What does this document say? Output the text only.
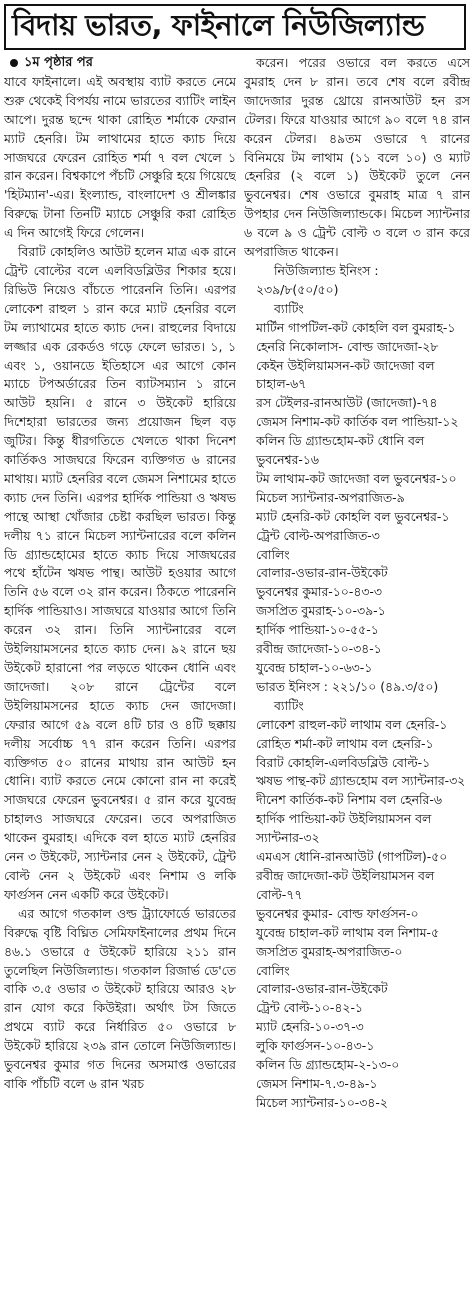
বিদায় ভারত, ফাইনালে নিউজিল্যান্ড
১ম পৃষ্ঠার পর

যাবে ফাইনালে। এই অবস্থায় ব্যাট করতে নেমে শুরু থেকেই বিপর্যয় নামে ভারতের ব্যাটিং লাইন আপে। দুরন্ত ছন্দে থাকা রোহিত শর্মাকে ফেরান ম্যাট হেনরি। টম লাথামের হাতে ক্যাচ দিয়ে সাজঘরে ফেরেন রোহিত শর্মা ৭ বল খেলে ১ রান করেন। বিশ্বকাপে পঁচটি সেঞ্চুরি হয়ে গিয়েছে 'হিটম্যান'-এর। ইংল্যান্ড, বাংলাদেশ ও শ্রীলঙ্কার বিরুদ্ধে টানা তিনটি ম্যাচে সেঞ্চুরি করা রোহিত এ দিন আগেই ফিরে গেলেন।

বিরাট কোহলিও আউট হলেন মাত্র এক রানে ট্রেন্ট বোল্টের বলে এলবিডব্লিউর শিকার হয়ে। রিভিউ নিয়েও বাঁচতে পারেননি তিনি। এরপর লোকেশ রাহুল ১ রান করে ম্যাট হেনরির বলে টম ল্যাথামের হাতে ক্যাচ দেন। রাহুলের বিদায়ে লজ্জার এক রেকর্ডও গড়ে ফেলে ভারত। ১, ১ এবং ১, ওয়ানডে ইতিহাসে এর আগে কোন ম্যাচে টপঅর্ডারের তিন ব্যাটসম্যান ১ রানে আউট হয়নি। ৫ রানে ৩ উইকেট হারিয়ে দিশেহারা ভারতের জন্য প্রয়োজন ছিল বড় জুটির। কিন্তু ধীরগতিতে খেলতে থাকা দিনেশ কার্তিকও সাজঘরে ফিরেন ব্যক্তিগত ৬ রানের মাথায়। ম্যাট হেনরির বলে জেমস নিশামের হাতে ক্যাচ দেন তিনি। এরপর হার্দিক পান্ডিয়া ও ঋষভ পান্থে আস্থা খোঁজার চেষ্টা করছিল ভারত। কিন্তু দলীয় ৭১ রানে মিচেল স্যান্টনারের বলে কলিন ডি গ্র্যান্ডহোমের হাতে ক্যাচ দিয়ে সাজঘরের পথে হাঁটেন ঋষভ পান্থ। আউট হওয়ার আগে তিনি ৫৬ বলে ৩২ রান করেন। ঠিকতে পারেননি হার্দিক পান্ডিয়াও। সাজঘরে যাওয়ার আগে তিনি করেন ৩২ রান। তিনি স্যান্টনারের বলে উইলিয়ামসনের হাতে ক্যাচ দেন। ৯২ রানে ছয় উইকেট হারানো পর লড়তে থাকেন ধোনি এবং জাদেজা। ২০৮ রানে ট্রেন্টের বলে উইলিয়ামসনের হাতে ক্যাচ দেন জাদেজা। ফেরার আগে ৫৯ বলে ৪টি চার ও ৪টি ছক্কায় দলীয় সর্বোচ্চ ৭৭ রান করেন তিনি। এরপর ব্যক্তিগত ৫০ রানের মাথায় রান আউট হন ধোনি। ব্যাট করতে নেমে কোনো রান না করেই সাজঘরে ফেরেন ভুবনেশ্বর। ৫ রান করে যুবেন্দ্র চাহালও সাজঘরে ফেরেন। তবে অপরাজিত থাকেন বুমরাহ। এদিকে বল হাতে ম্যাট হেনরির নেন ৩ উইকেট, স্যান্টনার নেন ২ উইকেট, ট্রেন্ট বোল্ট নেন ২ উইকেট এবং নিশাম ও লকি ফার্গুসন নেন একটি করে উইকেট।

এর আগে গতকাল ওল্ড ট্র্যাফোর্ডে ভারতের বিরুদ্ধে বৃষ্টি বিঘ্নিত সেমিফাইনালের প্রথম দিনে ৪৬.১ ওভারে ৫ উইকেট হারিয়ে ২১১ রান তুলেছিল নিউজিল্যান্ড। গতকাল রিজার্ভ ডে'তে বাকি ৩.৫ ওভার ৩ উইকেট হারিয়ে আরও ২৮ রান যোগ করে কিউইরা। অর্থাৎ টস জিতে প্রথমে ব্যাট করে নির্ধারিত ৫০ ওভারে ৮ উইকেট হারিয়ে ২৩৯ রান তোলে নিউজিল্যান্ড। ভুবনেশ্বর কুমার গত দিনের অসমাপ্ত ওভারের বাকি পাঁচটি বলে ৬ রান খরচ

করেন। পরের ওভারে বল করতে এসে বুমরাহ দেন ৮ রান। তবে শেষ বলে রবীন্দ্র জাদেজার দুরন্ত থ্রোয়ে রানআউট হন রস টেলর। ফিরে যাওয়ার আগে ৯০ বলে ৭৪ রান করেন টেলর। ৪৯তম ওভারে ৭ রানের বিনিময়ে টম লাথাম (১১ বলে ১০) ও ম্যাট হেনরির (২ বলে ১) উইকেট তুলে নেন ভুবনেশ্বর। শেষ ওভারে বুমরাহ মাত্র ৭ রান উপহার দেন নিউজিল্যান্ডকে। মিচেল স্যান্টনার ৬ বলে ৯ ও ট্রেন্ট বোল্ট ৩ বলে ৩ রান করে অপরাজিত থাকেন।

নিউজিল্যান্ড ইনিংস :
২৩৯/৮(৫০/৫০)
ব্যাটিং
মার্টিন গাপটিল-কট কোহলি বল বুমরাহ-১
হেনরি নিকোলাস- বোল্ড জাদেজা-২৮
কেইন উইলিয়ামসন-কট জাদেজা বল চাহাল-৬৭
রস টেইলর-রানআউট (জাদেজা)-৭৪
জেমস নিশাম-কট কার্তিক বল পান্ডিয়া-১২
কলিন ডি গ্র্যান্ডহোম-কট ধোনি বল ভুবনেশ্বর-১৬
টম লাথাম-কট জাদেজা বল ভুবনেশ্বর-১০
মিচেল স্যান্টনার-অপরাজিত-৯
ম্যাট হেনরি-কট কোহলি বল ভুবনেশ্বর-১
ট্রেন্ট বোল্ট-অপরাজিত-৩
বোলিং
বোলার-ওভার-রান-উইকেট
ভুবনেশ্বর কুমার-১০-৪৩-৩
জসপ্রিত বুমরাহ-১০-৩৯-১
হার্দিক পান্ডিয়া-১০-৫৫-১
রবীন্দ্র জাদেজা-১০-৩৪-১
যুবেন্দ্র চাহাল-১০-৬৩-১
ভারত ইনিংস : ২২১/১০ (৪৯.৩/৫০)
ব্যাটিং
লোকেশ রাহুল-কট লাথাম বল হেনরি-১
রোহিত শর্মা-কট লাথাম বল হেনরি-১
বিরাট কোহলি-এলবিডব্লিউ বোল্ট-১
ঋষভ পান্থ-কট গ্র্যান্ডহোম বল স্যান্টনার-৩২
দীনেশ কার্তিক-কট নিশাম বল হেনরি-৬
হার্দিক পান্ডিয়া-কট উইলিয়ামসন বল স্যান্টনার-৩২
এমএস ধোনি-রানআউট (গাপটিল)-৫০
রবীন্দ্র জাদেজা-কট উইলিয়ামসন বল বোল্ট-৭৭
ভুবনেশ্বর কুমার- বোল্ড ফার্গুসন-০
যুবেন্দ্র চাহাল-কট লাথাম বল নিশাম-৫
জসপ্রিত বুমরাহ-অপরাজিত-০
বোলিং
বোলার-ওভার-রান-উইকেট
ট্রেন্ট বোল্ট-১০-৪২-১
ম্যাট হেনরি-১০-৩৭-৩
লুকি ফার্গুসন-১০-৪৩-১
কলিন ডি গ্র্যান্ডহোম-২-১৩-০
জেমস নিশাম-৭.৩-৪৯-১
মিচেল স্যান্টনার-১০-৩৪-২
